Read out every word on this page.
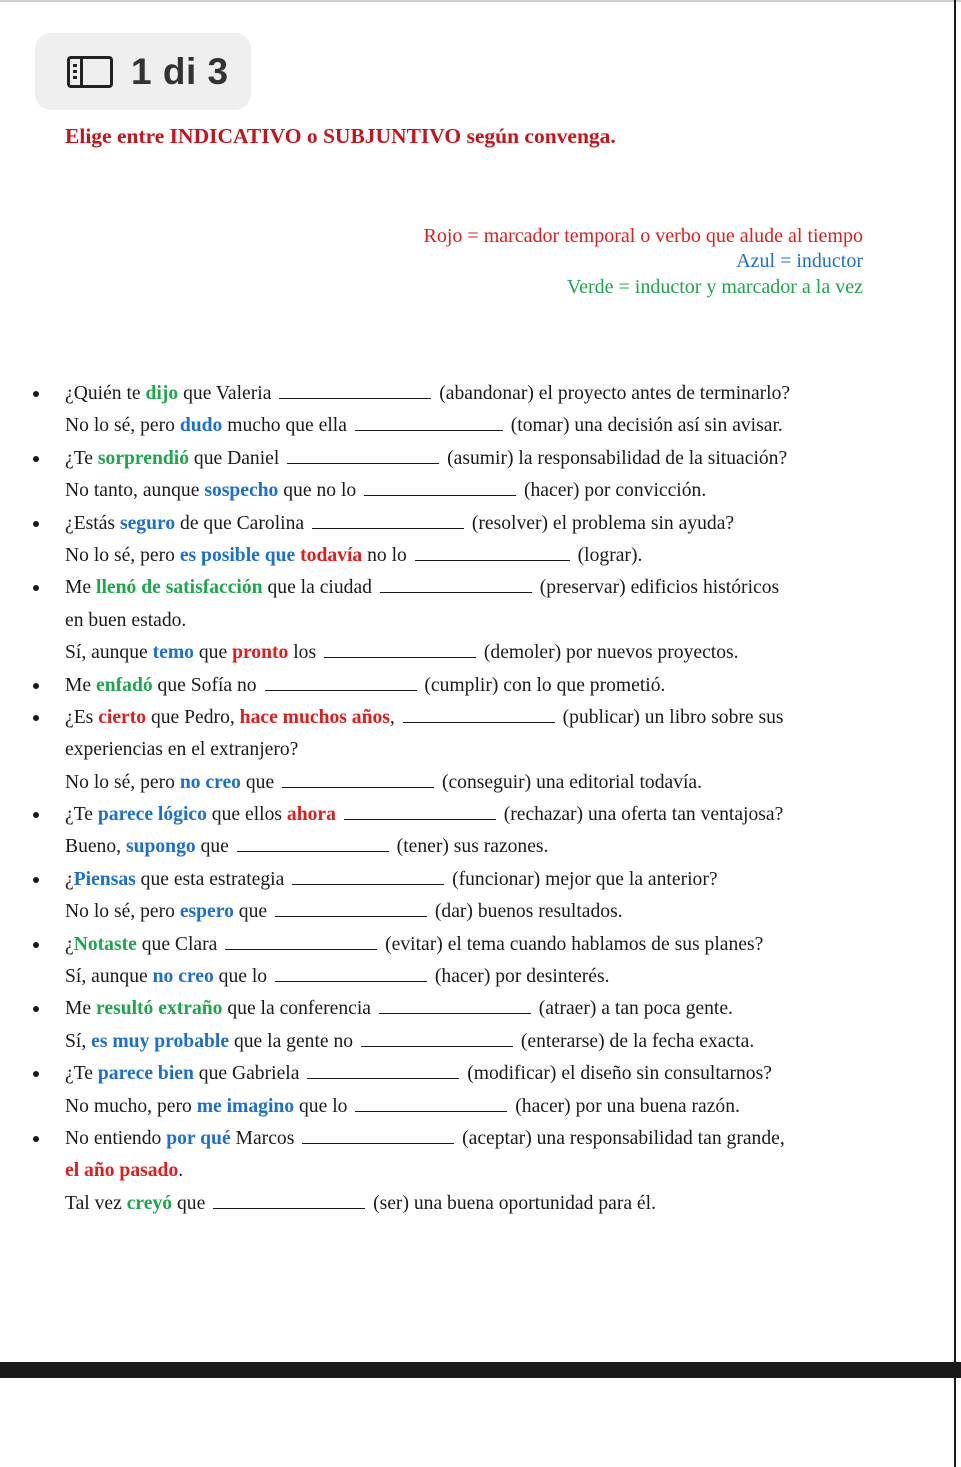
1 di 3
Elige entre INDICATIVO o SUBJUNTIVO según convenga.
Rojo = marcador temporal o verbo que alude al tiempo
Azul = inductor
Verde = inductor y marcador a la vez
¿Quién te dijo que Valeria	(abandonar) el proyecto antes de terminarlo?
No lo sé, pero dudo mucho que ella	(tomar) una decisión así sin avisar.
¿Te sorprendió que Daniel	(asumir) la responsabilidad de la situación?
No tanto, aunque sospecho que no lo	(hacer) por convicción.
¿Estás seguro de que Carolina	(resolver) el problema sin ayuda?
No lo sé, pero es posible que todavía no lo	(lograr).
Me llenó de satisfacción que la ciudad	(preservar) edificios históricos
en buen estado.
Sí, aunque temo que pronto los	(demoler) por nuevos proyectos.
Me enfadó que Sofía no	(cumplir) con lo que prometió.
¿Es cierto que Pedro, hace muchos años,	(publicar) un libro sobre sus
experiencias en el extranjero?
No lo sé, pero no creo que	(conseguir) una editorial todavía.
¿Te parece lógico que ellos ahora	(rechazar) una oferta tan ventajosa?
Bueno, supongo que	(tener) sus razones.
¿Piensas que esta estrategia	(funcionar) mejor que la anterior?
No lo sé, pero espero que	(dar) buenos resultados.
¿Notaste que Clara	(evitar) el tema cuando hablamos de sus planes?
Sí, aunque no creo que lo	(hacer) por desinterés.
Me resultó extraño que la conferencia	(atraer) a tan poca gente.
Sí, es muy probable que la gente no	(enterarse) de la fecha exacta.
¿Te parece bien que Gabriela	(modificar) el diseño sin consultarnos?
No mucho, pero me imagino que lo	(hacer) por una buena razón.
No entiendo por qué Marcos	(aceptar) una responsabilidad tan grande,
el año pasado.
Tal vez creyó que	(ser) una buena oportunidad para él.
